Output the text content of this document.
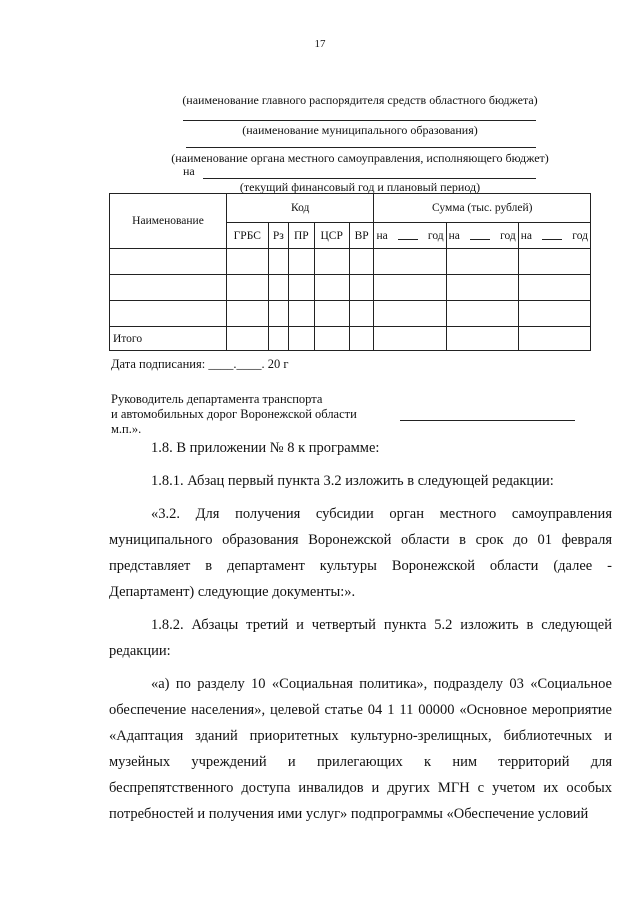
17
(наименование главного распорядителя средств областного бюджета)
(наименование муниципального образования)
(наименование органа местного самоуправления, исполняющего бюджет)
на
(текущий финансовый год и плановый период)
Наименование	Код					Сумма (тыс. рублей)		
	ГРБС	Рз	ПР	ЦСР	ВР	на год	на год	на год

Итого								
Дата подписания: ____.____. 20 г
Руководитель департамента транспорта
и автомобильных дорог Воронежской области
м.п.».

1.8. В приложении № 8 к программе:

1.8.1. Абзац первый пункта 3.2 изложить в следующей редакции:

«3.2. Для получения субсидии орган местного самоуправления муниципального образования Воронежской области в срок до 01 февраля представляет в департамент культуры Воронежской области (далее - Департамент) следующие документы:».

1.8.2. Абзацы третий и четвертый пункта 5.2 изложить в следующей редакции:

«а) по разделу 10 «Социальная политика», подразделу 03 «Социальное обеспечение населения», целевой статье 04 1 11 00000 «Основное мероприятие «Адаптация зданий приоритетных культурно-зрелищных, библиотечных и музейных учреждений и прилегающих к ним территорий для беспрепятственного доступа инвалидов и других МГН с учетом их особых потребностей и получения ими услуг» подпрограммы «Обеспечение условий
